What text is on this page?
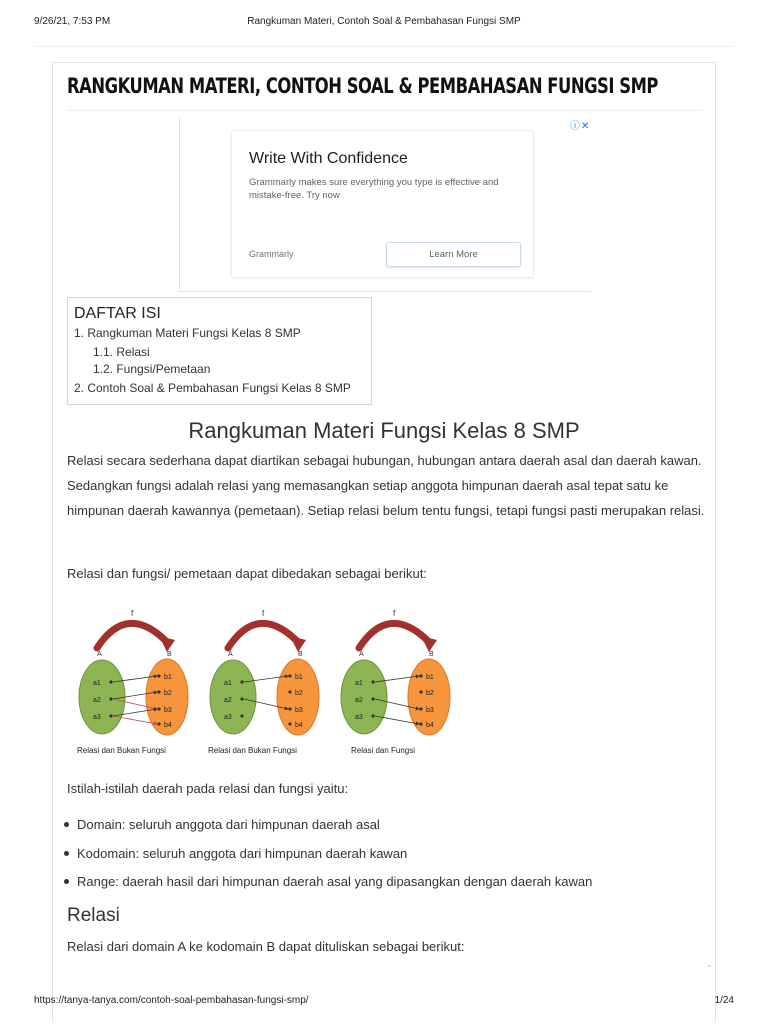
9/26/21, 7:53 PM	Rangkuman Materi, Contoh Soal & Pembahasan Fungsi SMP
RANGKUMAN MATERI, CONTOH SOAL & PEMBAHASAN FUNGSI SMP
ⓘ✕
Write With Confidence
Grammarly makes sure everything you type is effective and mistake-free. Try now
Grammarly	Learn More
DAFTAR ISI
1. Rangkuman Materi Fungsi Kelas 8 SMP
1.1. Relasi
1.2. Fungsi/Pemetaan
2. Contoh Soal & Pembahasan Fungsi Kelas 8 SMP
Rangkuman Materi Fungsi Kelas 8 SMP
Relasi secara sederhana dapat diartikan sebagai hubungan, hubungan antara daerah asal dan daerah kawan. Sedangkan fungsi adalah relasi yang memasangkan setiap anggota himpunan daerah asal tepat satu ke himpunan daerah kawannya (pemetaan). Setiap relasi belum tentu fungsi, tetapi fungsi pasti merupakan relasi.
Relasi dan fungsi/ pemetaan dapat dibedakan sebagai berikut:
f
A	B
a1
a2
a3
b1
b2
b3
b4
Relasi dan Bukan Fungsi
f
A	B
a1
a2
a3
b1
b2
b3
b4
Relasi dan Bukan Fungsi
f
A	B
a1
a2
a3
b1
b2
b3
b4
Relasi dan Fungsi
Istilah-istilah daerah pada relasi dan fungsi yaitu:
Domain: seluruh anggota dari himpunan daerah asal
Kodomain: seluruh anggota dari himpunan daerah kawan
Range: daerah hasil dari himpunan daerah asal yang dipasangkan dengan daerah kawan
Relasi
Relasi dari domain A ke kodomain B dapat dituliskan sebagai berikut:
⌃
https://tanya-tanya.com/contoh-soal-pembahasan-fungsi-smp/	1/24
